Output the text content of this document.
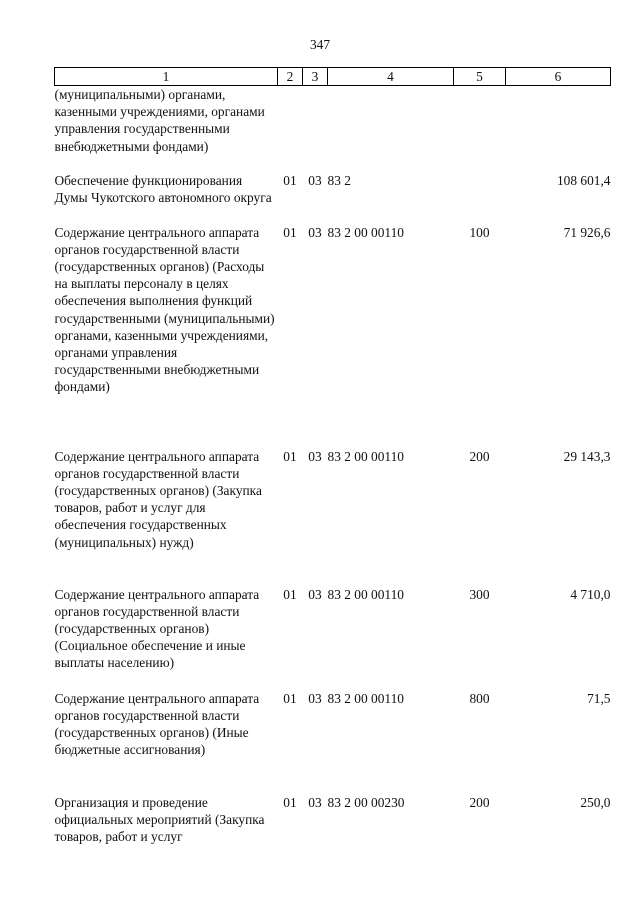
347
1	2	3	4	5	6
(муниципальными) органами, казенными учреждениями, органами управления государственными внебюджетными фондами)					
Обеспечение функционирования Думы Чукотского автономного округа	01	03	83 2		108 601,4
Содержание центрального аппарата органов государственной власти (государственных органов) (Расходы на выплаты персоналу в целях обеспечения выполнения функций государственными (муниципальными) органами, казенными учреждениями, органами управления государственными внебюджетными фондами)	01	03	83 2 00 00110	100	71 926,6
Содержание центрального аппарата органов государственной власти (государственных органов) (Закупка товаров, работ и услуг для обеспечения государственных (муниципальных) нужд)	01	03	83 2 00 00110	200	29 143,3
Содержание центрального аппарата органов государственной власти (государственных органов) (Социальное обеспечение и иные выплаты населению)	01	03	83 2 00 00110	300	4 710,0
Содержание центрального аппарата органов государственной власти (государственных органов) (Иные бюджетные ассигнования)	01	03	83 2 00 00110	800	71,5
Организация и проведение официальных мероприятий (Закупка товаров, работ и услуг	01	03	83 2 00 00230	200	250,0
